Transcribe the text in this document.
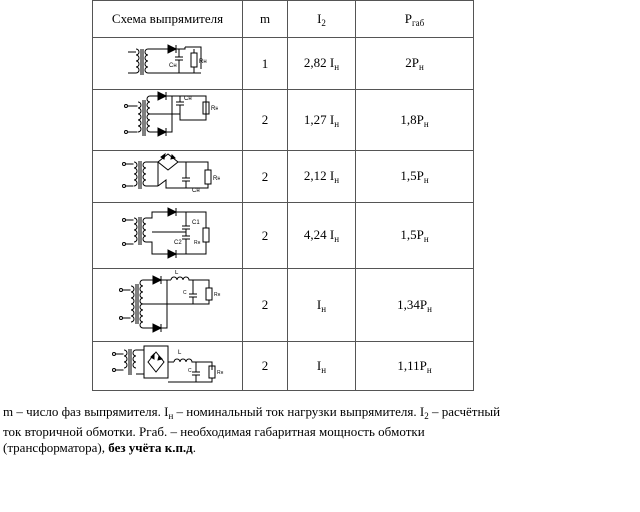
Схема выпрямителя	m	$I_2$	$P_{габ}$

Сн
Rн	1	2,82 $I_н$	$2P_н$

Сн
Rн	2	1,27 $I_н$	$1,8P_н$

Сн
Rн	2	2,12 $I_н$	$1,5P_н$

C1
C2 Rн	2	4,24 $I_н$	$1,5P_н$

L
C Rн	2	$I_н$	$1,34P_н$

L
C Rн	2	$I_н$	$1,11P_н$
m – число фаз выпрямителя. $I_н$ – номинальный ток нагрузки выпрямителя. $I_2$ – расчётный
ток вторичной обмотки. Pгаб. – необходимая габаритная мощность обмотки
(трансформатора), без учёта к.п.д.
